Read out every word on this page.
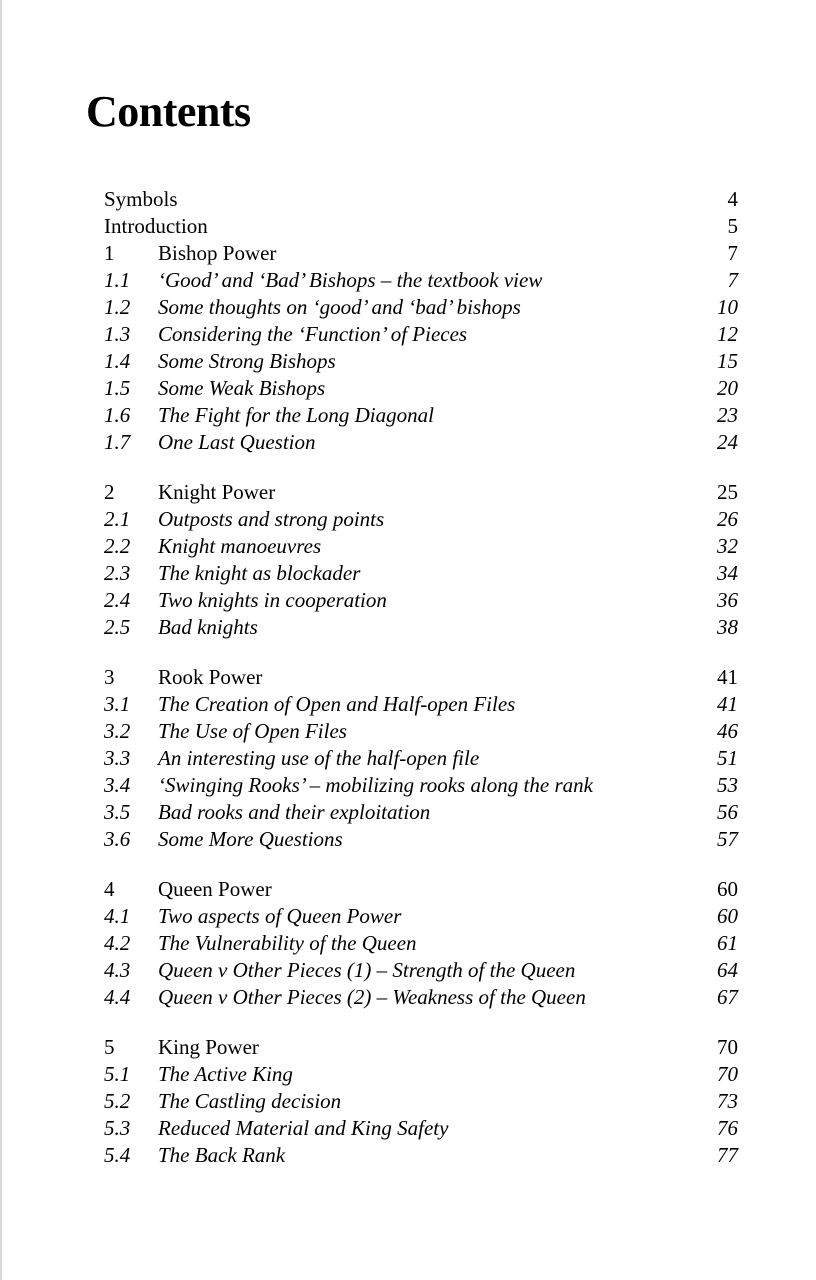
Contents
Symbols	4
Introduction	5
1 Bishop Power	7
1.1 ‘Good’ and ‘Bad’ Bishops – the textbook view	7
1.2 Some thoughts on ‘good’ and ‘bad’ bishops	10
1.3 Considering the ‘Function’ of Pieces	12
1.4 Some Strong Bishops	15
1.5 Some Weak Bishops	20
1.6 The Fight for the Long Diagonal	23
1.7 One Last Question	24
2 Knight Power	25
2.1 Outposts and strong points	26
2.2 Knight manoeuvres	32
2.3 The knight as blockader	34
2.4 Two knights in cooperation	36
2.5 Bad knights	38
3 Rook Power	41
3.1 The Creation of Open and Half-open Files	41
3.2 The Use of Open Files	46
3.3 An interesting use of the half-open file	51
3.4 ‘Swinging Rooks’ – mobilizing rooks along the rank	53
3.5 Bad rooks and their exploitation	56
3.6 Some More Questions	57
4 Queen Power	60
4.1 Two aspects of Queen Power	60
4.2 The Vulnerability of the Queen	61
4.3 Queen v Other Pieces (1) – Strength of the Queen	64
4.4 Queen v Other Pieces (2) – Weakness of the Queen	67
5 King Power	70
5.1 The Active King	70
5.2 The Castling decision	73
5.3 Reduced Material and King Safety	76
5.4 The Back Rank	77
